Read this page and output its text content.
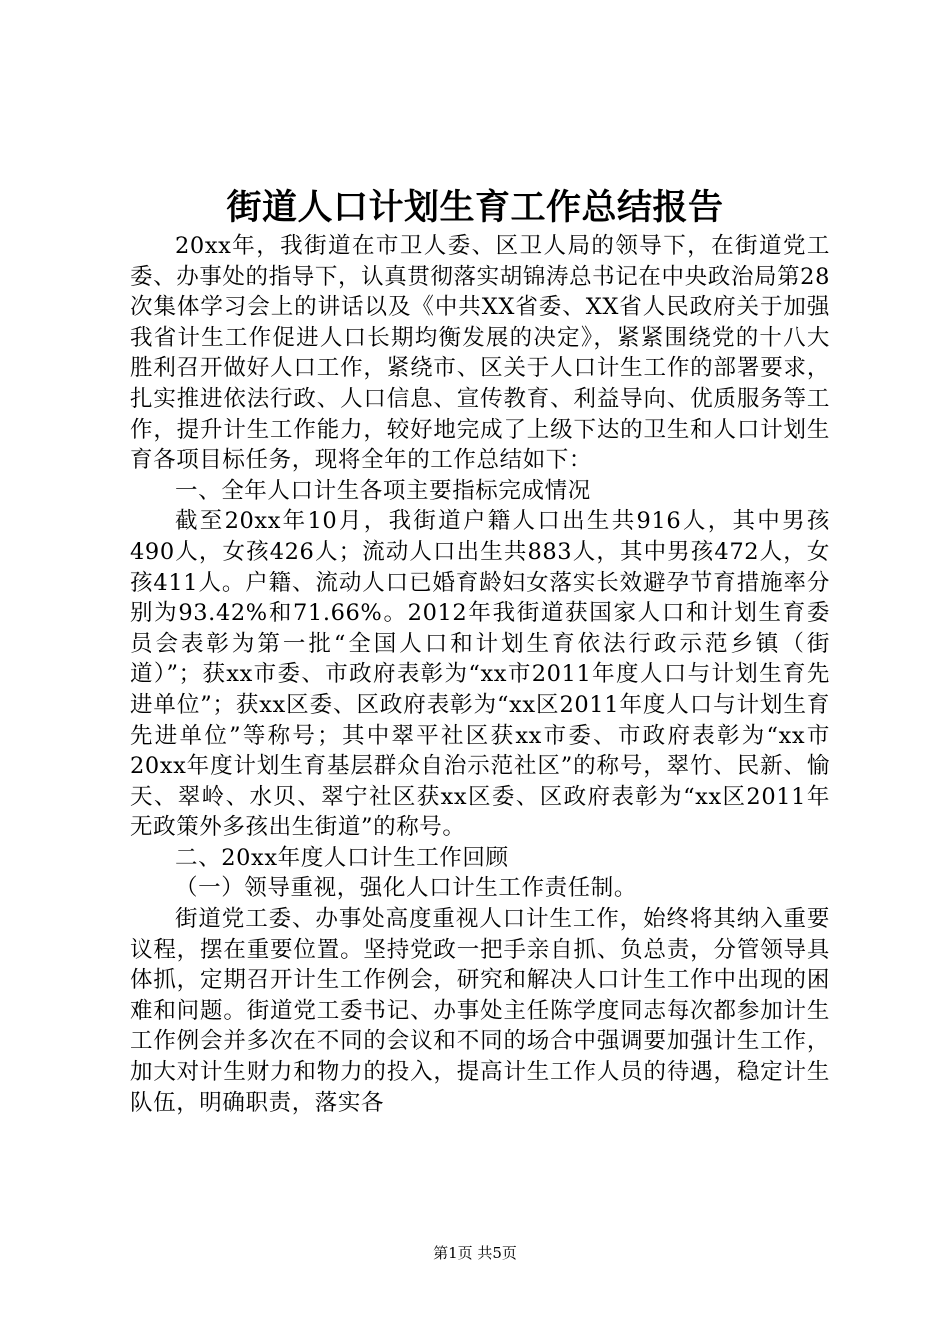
街道人口计划生育工作总结报告

20xx年，我街道在市卫人委、区卫人局的领导下，在街道党工委、办事处的指导下，认真贯彻落实胡锦涛总书记在中央政治局第28次集体学习会上的讲话以及《中共XX省委、XX省人民政府关于加强我省计生工作促进人口长期均衡发展的决定》，紧紧围绕党的十八大胜利召开做好人口工作，紧绕市、区关于人口计生工作的部署要求，扎实推进依法行政、人口信息、宣传教育、利益导向、优质服务等工作，提升计生工作能力，较好地完成了上级下达的卫生和人口计划生育各项目标任务，现将全年的工作总结如下：

一、全年人口计生各项主要指标完成情况

截至20xx年10月，我街道户籍人口出生共916人，其中男孩490人，女孩426人；流动人口出生共883人，其中男孩472人，女孩411人。户籍、流动人口已婚育龄妇女落实长效避孕节育措施率分别为93.42%和71.66%。2012年我街道获国家人口和计划生育委员会表彰为第一批“全国人口和计划生育依法行政示范乡镇（街道）”；获xx市委、市政府表彰为“xx市2011年度人口与计划生育先进单位”；获xx区委、区政府表彰为“xx区2011年度人口与计划生育先进单位”等称号；其中翠平社区获xx市委、市政府表彰为“xx市20xx年度计划生育基层群众自治示范社区”的称号，翠竹、民新、愉天、翠岭、水贝、翠宁社区获xx区委、区政府表彰为“xx区2011年无政策外多孩出生街道”的称号。

二、20xx年度人口计生工作回顾

（一）领导重视，强化人口计生工作责任制。

街道党工委、办事处高度重视人口计生工作，始终将其纳入重要议程，摆在重要位置。坚持党政一把手亲自抓、负总责，分管领导具体抓，定期召开计生工作例会，研究和解决人口计生工作中出现的困难和问题。街道党工委书记、办事处主任陈学度同志每次都参加计生工作例会并多次在不同的会议和不同的场合中强调要加强计生工作，加大对计生财力和物力的投入，提高计生工作人员的待遇，稳定计生队伍，明确职责，落实各

第1页 共5页
